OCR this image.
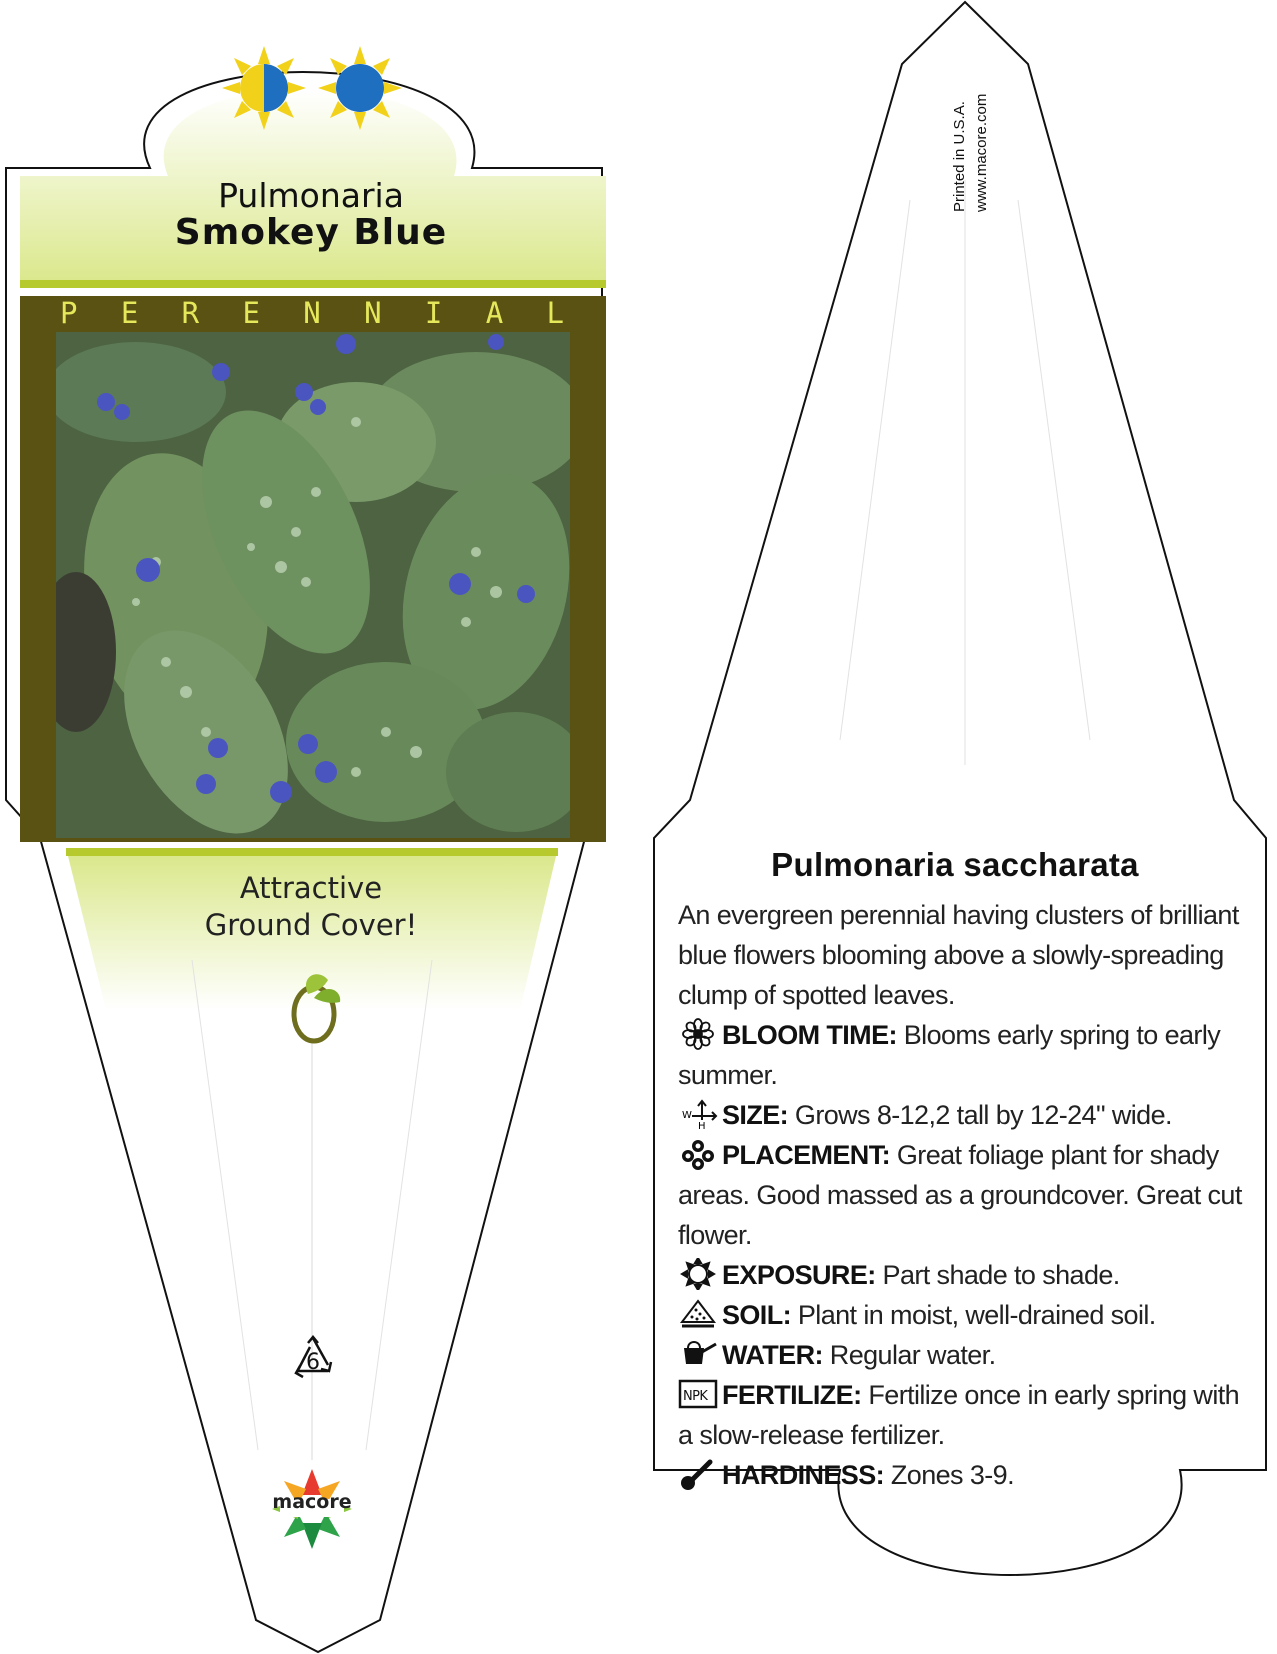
Pulmonaria
Smokey Blue
P E R E N N I A L
Attractive
Ground Cover!
6
macore
Printed in U.S.A. www.macore.com
Pulmonaria saccharata

An evergreen perennial having clusters of brilliant blue flowers blooming above a slowly-spreading clump of spotted leaves.

BLOOM TIME: Blooms early spring to early summer.

W
H SIZE: Grows 8-12,2 tall by 12-24" wide.

PLACEMENT: Great foliage plant for shady areas. Good massed as a groundcover. Great cut flower.

EXPOSURE: Part shade to shade.

SOIL: Plant in moist, well-drained soil.

WATER: Regular water.

NPK FERTILIZE: Fertilize once in early spring with a slow-release fertilizer.

HARDINESS: Zones 3-9.
